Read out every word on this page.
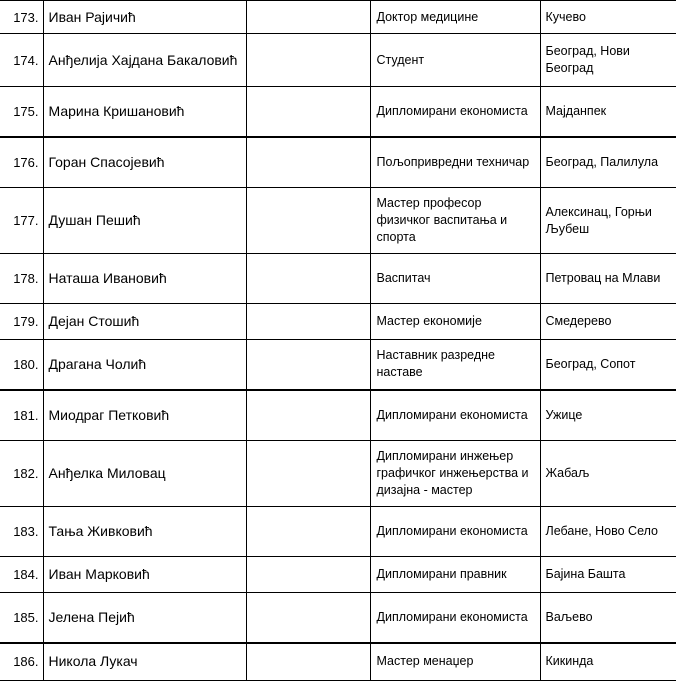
173.	Иван Рајичић		Доктор медицине	Кучево
174.	Анђелија Хајдана Бакаловић		Студент	Београд, Нови Београд
175.	Марина Кришановић		Дипломирани економиста	Мајданпек
176.	Горан Спасојевић		Пољопривредни техничар	Београд, Палилула
177.	Душан Пешић		Мастер професор физичког васпитања и спорта	Алексинац, Горњи Љубеш
178.	Наташа Ивановић		Васпитач	Петровац на Млави
179.	Дејан Стошић		Мастер економије	Смедерево
180.	Драгана Чолић		Наставник разредне наставе	Београд, Сопот
181.	Миодраг Петковић		Дипломирани економиста	Ужице
182.	Анђелка Миловац		Дипломирани инжењер графичког инжењерства и дизајна - мастер	Жабаљ
183.	Тања Живковић		Дипломирани економиста	Лебане, Ново Село
184.	Иван Марковић		Дипломирани правник	Бајина Башта
185.	Јелена Пејић		Дипломирани економиста	Ваљево
186.	Никола Лукач		Мастер менаџер	Кикинда
